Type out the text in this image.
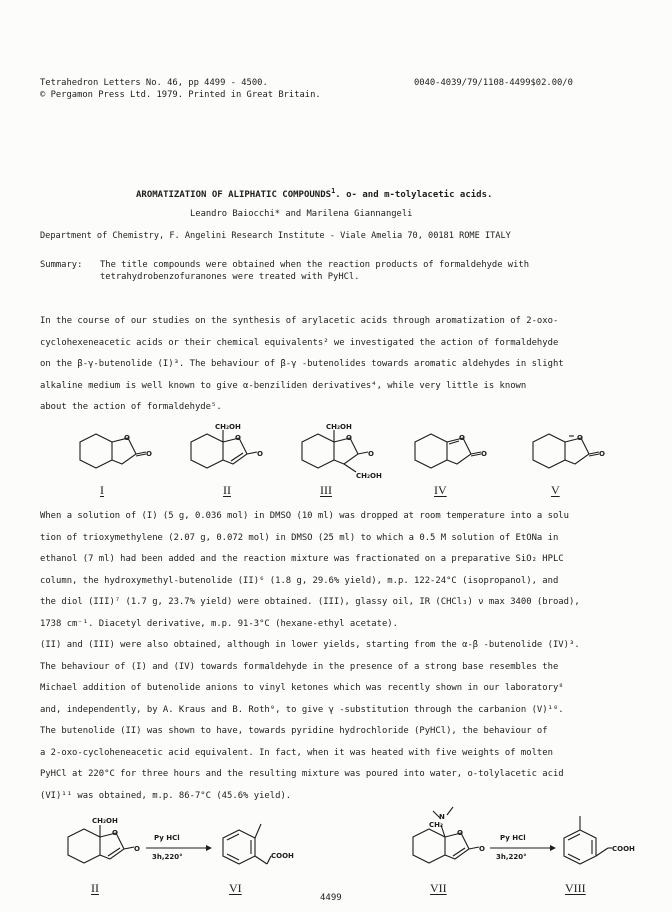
Tetrahedron Letters No. 46, pp 4499 - 4500.	0040-4039/79/1108-4499$02.00/0
© Pergamon Press Ltd. 1979. Printed in Great Britain.
AROMATIZATION OF ALIPHATIC COMPOUNDS$^1$. o- and m-tolylacetic acids.
Leandro Baiocchi* and Marilena Giannangeli
Department of Chemistry, F. Angelini Research Institute - Viale Amelia 70, 00181 ROME ITALY
Summary: The title compounds were obtained when the reaction products of formaldehyde with
tetrahydrobenzofuranones were treated with PyHCl.
In the course of our studies on the synthesis of arylacetic acids through aromatization of 2-oxo-
cyclohexeneacetic acids or their chemical equivalents² we investigated the action of formaldehyde
on the β-γ-butenolide (I)³. The behaviour of β-γ -butenolides towards aromatic aldehydes in slight
alkaline medium is well known to give α-benziliden derivatives⁴, while very little is known
about the action of formaldehyde⁵.
O
O
I
CH₂OH
O
O
II
CH₂OH
O
O
CH₂OH
III
O
O
IV
O
O
V
When a solution of (I) (5 g, 0.036 mol) in DMSO (10 ml) was dropped at room temperature into a solu
tion of trioxymethylene (2.07 g, 0.072 mol) in DMSO (25 ml) to which a 0.5 M solution of EtONa in
ethanol (7 ml) had been added and the reaction mixture was fractionated on a preparative SiO₂ HPLC
column, the hydroxymethyl-butenolide (II)⁶ (1.8 g, 29.6% yield), m.p. 122-24°C (isopropanol), and
the diol (III)⁷ (1.7 g, 23.7% yield) were obtained. (III), glassy oil, IR (CHCl₃) ν max 3400 (broad),
1738 cm⁻¹. Diacetyl derivative, m.p. 91-3°C (hexane-ethyl acetate).
(II) and (III) were also obtained, although in lower yields, starting from the α-β -butenolide (IV)³.
The behaviour of (I) and (IV) towards formaldehyde in the presence of a strong base resembles the
Michael addition of butenolide anions to vinyl ketones which was recently shown in our laboratory⁸
and, independently, by A. Kraus and B. Roth⁹, to give γ -substitution through the carbanion (V)¹⁰.
The butenolide (II) was shown to have, towards pyridine hydrochloride (PyHCl), the behaviour of
a 2-oxo-cycloheneacetic acid equivalent. In fact, when it was heated with five weights of molten
PyHCl at 220°C for three hours and the resulting mixture was poured into water, o-tolylacetic acid
(VI)¹¹ was obtained, m.p. 86-7°C (45.6% yield).
CH₂OH
O
O
Py HCl
3h,220°	COOH
II	VI
N
CH₂
O
O
Py HCl
3h,220°
COOH
VII	VIII
4499
